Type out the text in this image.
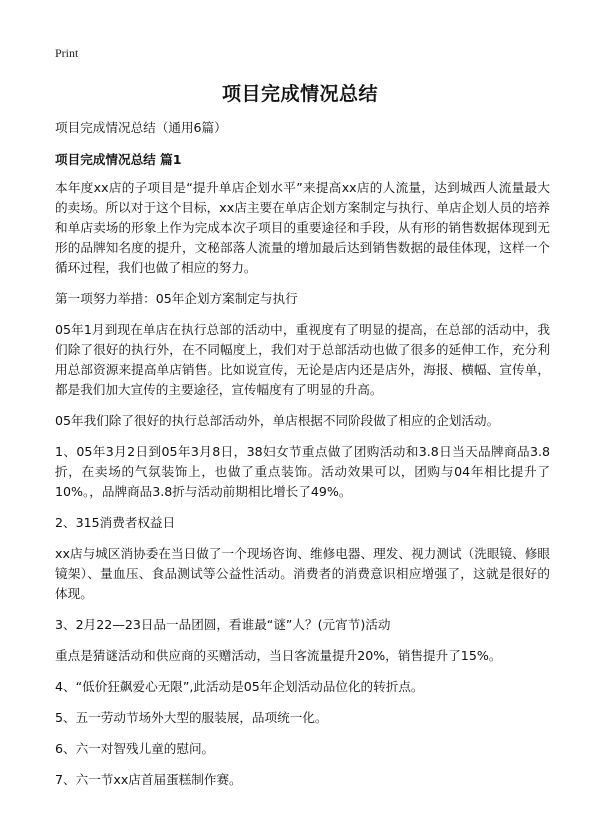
Print
项目完成情况总结

项目完成情况总结（通用6篇）

项目完成情况总结 篇1

本年度xx店的子项目是“提升单店企划水平”来提高xx店的人流量，达到城西人流量最大的卖场。所以对于这个目标，xx店主要在单店企划方案制定与执行、单店企划人员的培养和单店卖场的形象上作为完成本次子项目的重要途径和手段，从有形的销售数据体现到无形的品牌知名度的提升，文秘部落人流量的增加最后达到销售数据的最佳体现，这样一个循环过程，我们也做了相应的努力。

第一项努力举措：05年企划方案制定与执行

05年1月到现在单店在执行总部的活动中，重视度有了明显的提高，在总部的活动中，我们除了很好的执行外，在不同幅度上，我们对于总部活动也做了很多的延伸工作，充分利用总部资源来提高单店销售。比如说宣传，无论是店内还是店外，海报、横幅、宣传单，都是我们加大宣传的主要途径，宣传幅度有了明显的升高。

05年我们除了很好的执行总部活动外，单店根据不同阶段做了相应的企划活动。

1、05年3月2日到05年3月8日，38妇女节重点做了团购活动和3.8日当天品牌商品3.8折，在卖场的气氛装饰上，也做了重点装饰。活动效果可以，团购与04年相比提升了10%。，品牌商品3.8折与活动前期相比增长了49%。

2、315消费者权益日

xx店与城区消协委在当日做了一个现场咨询、维修电器、理发、视力测试（洗眼镜、修眼镜架）、量血压、食品测试等公益性活动。消费者的消费意识相应增强了，这就是很好的体现。

3、2月22—23日品一品团圆，看谁最“谜”人？(元宵节)活动

重点是猜谜活动和供应商的买赠活动，当日客流量提升20%，销售提升了15%。

4、“低价狂飙爱心无限”,此活动是05年企划活动品位化的转折点。

5、五一劳动节场外大型的服装展，品项统一化。

6、六一对智残儿童的慰问。

7、六一节xx店首届蛋糕制作赛。
